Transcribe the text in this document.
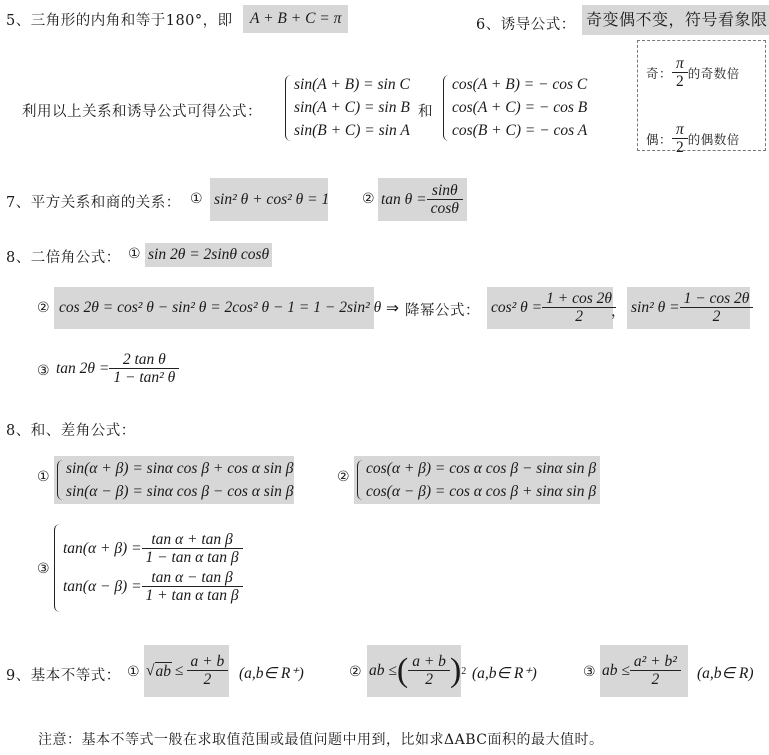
5、三角形的内角和等于180°，即	A + B + C = π	6、诱导公式： 奇变偶不变，符号看象限
奇： $\frac{\pi}{2}$ 的奇数倍
偶： $\frac{\pi}{2}$ 的偶数倍
利用以上关系和诱导公式可得公式：
sin(A + B) = sin C
sin(A + C) = sin B
sin(B + C) = sin A
和
cos(A + B) = − cos C
cos(A + C) = − cos B
cos(B + C) = − cos A
7、平方关系和商的关系： ① sin² θ + cos² θ = 1 ② $\tan \theta = \frac{\sin\theta}{\cos\theta}$
8、二倍角公式： ① sin 2θ = 2sinθ cosθ
② cos 2θ = cos² θ − sin² θ = 2cos² θ − 1 = 1 − 2sin² θ ⇒ 降幂公式： cos² $\theta = \frac{1 + \cos 2\theta}{2}$
， sin² $\theta = \frac{1 - \cos 2\theta}{2}$
③ $\tan 2\theta = \frac{\text{2 tan θ}}{\text{1 − tan² θ}}$
8、和、差角公式：
① sin(α + β) = sinα cos β + cos α sin β
sin(α − β) = sinα cos β − cos α sin β
② cos(α + β) = cos α cos β − sinα sin β
cos(α − β) = cos α cos β + sinα sin β
③
$\tan(\alpha + \beta) = \frac{\text{tan α + tan β}}{\text{1 − tan α tan β}}$
$\tan(\alpha - \beta) = \frac{\text{tan α − tan β}}{\text{1 + tan α tan β}}$
9、基本不等式： ① √ ab ≤ $\frac{a + b}{2}$ (a,b∈ R⁺)	② ab ≤ ( $\frac{a + b}{2}$ ) 2 (a,b∈ R⁺)	③ ab ≤ $\frac{\text{a² + b²}}{2}$ (a,b∈ R)
注意：基本不等式一般在求取值范围或最值问题中用到，比如求ΔABC面积的最大值时。
